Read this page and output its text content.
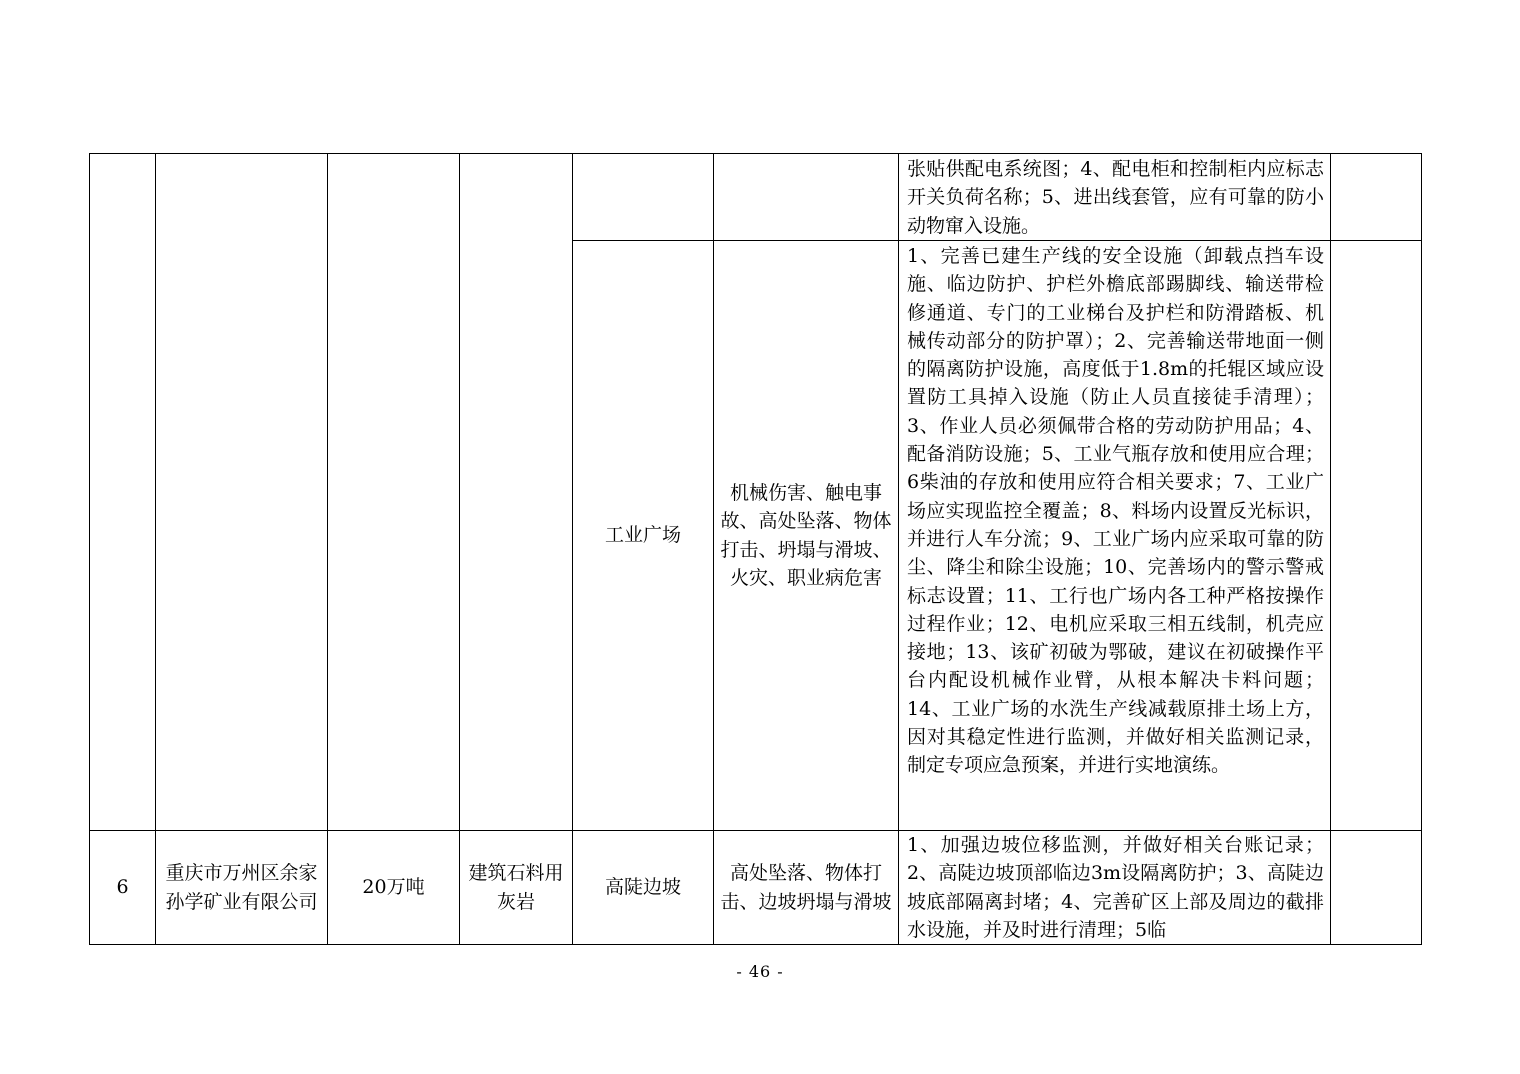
						张贴供配电系统图；4、配电柜和控制柜内应标志开关负荷名称；5、进出线套管，应有可靠的防小动物窜入设施。	
				工业广场	机械伤害、触电事故、高处坠落、物体打击、坍塌与滑坡、火灾、职业病危害	1、完善已建生产线的安全设施（卸载点挡车设施、临边防护、护栏外檐底部踢脚线、输送带检修通道、专门的工业梯台及护栏和防滑踏板、机械传动部分的防护罩）；2、完善输送带地面一侧的隔离防护设施，高度低于1.8m的托辊区域应设置防工具掉入设施（防止人员直接徒手清理）；3、作业人员必须佩带合格的劳动防护用品；4、配备消防设施；5、工业气瓶存放和使用应合理；6柴油的存放和使用应符合相关要求；7、工业广场应实现监控全覆盖；8、料场内设置反光标识，并进行人车分流；9、工业广场内应采取可靠的防尘、降尘和除尘设施；10、完善场内的警示警戒标志设置；11、工行也广场内各工种严格按操作过程作业；12、电机应采取三相五线制，机壳应接地；13、该矿初破为鄂破，建议在初破操作平台内配设机械作业臂，从根本解决卡料问题；14、工业广场的水洗生产线减载原排土场上方，因对其稳定性进行监测，并做好相关监测记录，制定专项应急预案，并进行实地演练。	
6	重庆市万州区余家孙学矿业有限公司	20万吨	建筑石料用灰岩	高陡边坡	高处坠落、物体打击、边坡坍塌与滑坡	1、加强边坡位移监测，并做好相关台账记录；2、高陡边坡顶部临边3m设隔离防护；3、高陡边坡底部隔离封堵；4、完善矿区上部及周边的截排水设施，并及时进行清理；5临	
- 46 -
